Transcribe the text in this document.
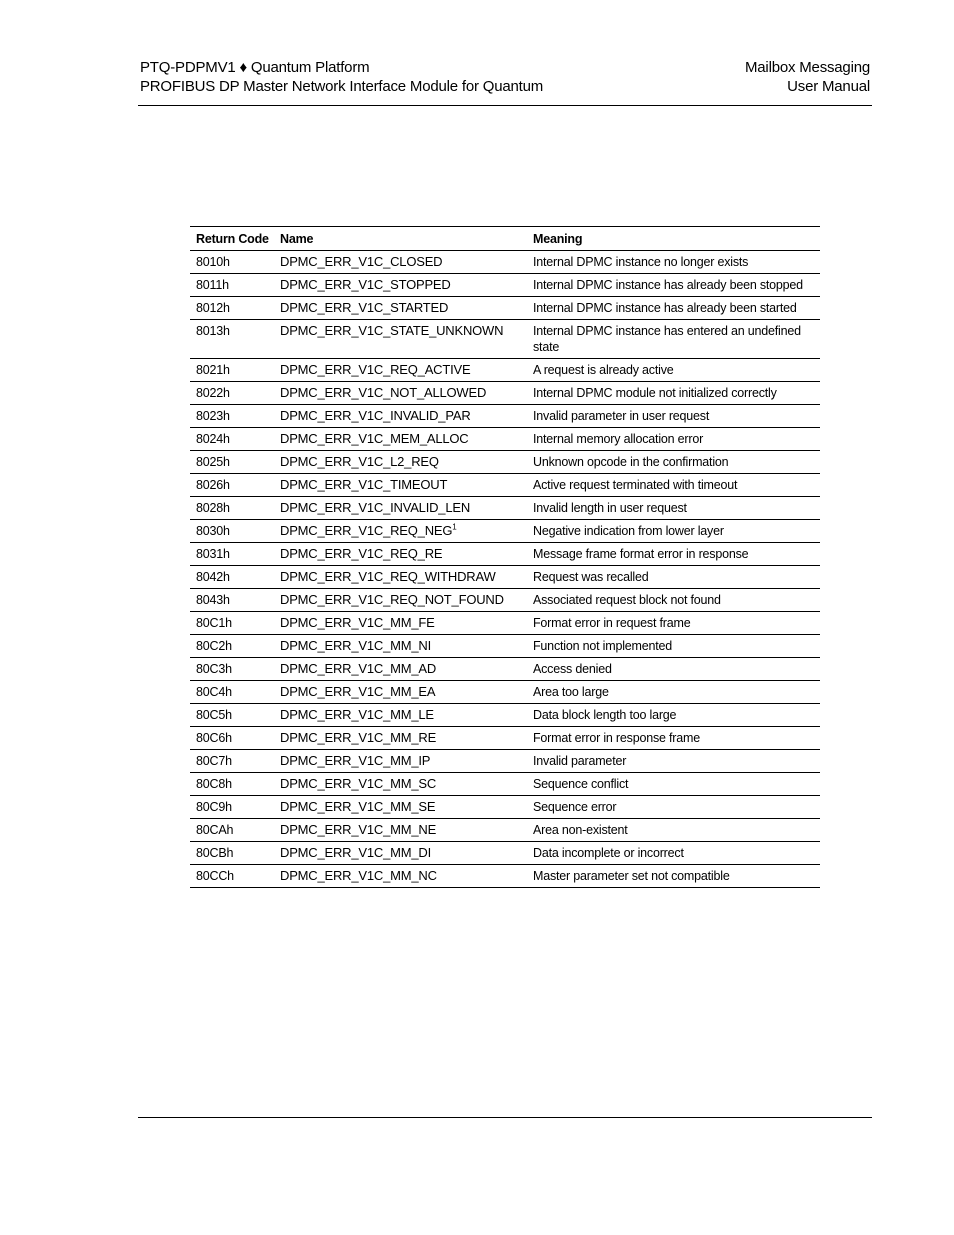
PTQ-PDPMV1 ♦ Quantum Platform
PROFIBUS DP Master Network Interface Module for Quantum
Mailbox Messaging
User Manual
Return Code	Name	Meaning
8010h	DPMC_ERR_V1C_CLOSED	Internal DPMC instance no longer exists
8011h	DPMC_ERR_V1C_STOPPED	Internal DPMC instance has already been stopped
8012h	DPMC_ERR_V1C_STARTED	Internal DPMC instance has already been started
8013h	DPMC_ERR_V1C_STATE_UNKNOWN	Internal DPMC instance has entered an undefined state
8021h	DPMC_ERR_V1C_REQ_ACTIVE	A request is already active
8022h	DPMC_ERR_V1C_NOT_ALLOWED	Internal DPMC module not initialized correctly
8023h	DPMC_ERR_V1C_INVALID_PAR	Invalid parameter in user request
8024h	DPMC_ERR_V1C_MEM_ALLOC	Internal memory allocation error
8025h	DPMC_ERR_V1C_L2_REQ	Unknown opcode in the confirmation
8026h	DPMC_ERR_V1C_TIMEOUT	Active request terminated with timeout
8028h	DPMC_ERR_V1C_INVALID_LEN	Invalid length in user request
8030h	DPMC_ERR_V1C_REQ_NEG$^1$	Negative indication from lower layer
8031h	DPMC_ERR_V1C_REQ_RE	Message frame format error in response
8042h	DPMC_ERR_V1C_REQ_WITHDRAW	Request was recalled
8043h	DPMC_ERR_V1C_REQ_NOT_FOUND	Associated request block not found
80C1h	DPMC_ERR_V1C_MM_FE	Format error in request frame
80C2h	DPMC_ERR_V1C_MM_NI	Function not implemented
80C3h	DPMC_ERR_V1C_MM_AD	Access denied
80C4h	DPMC_ERR_V1C_MM_EA	Area too large
80C5h	DPMC_ERR_V1C_MM_LE	Data block length too large
80C6h	DPMC_ERR_V1C_MM_RE	Format error in response frame
80C7h	DPMC_ERR_V1C_MM_IP	Invalid parameter
80C8h	DPMC_ERR_V1C_MM_SC	Sequence conflict
80C9h	DPMC_ERR_V1C_MM_SE	Sequence error
80CAh	DPMC_ERR_V1C_MM_NE	Area non-existent
80CBh	DPMC_ERR_V1C_MM_DI	Data incomplete or incorrect
80CCh	DPMC_ERR_V1C_MM_NC	Master parameter set not compatible
